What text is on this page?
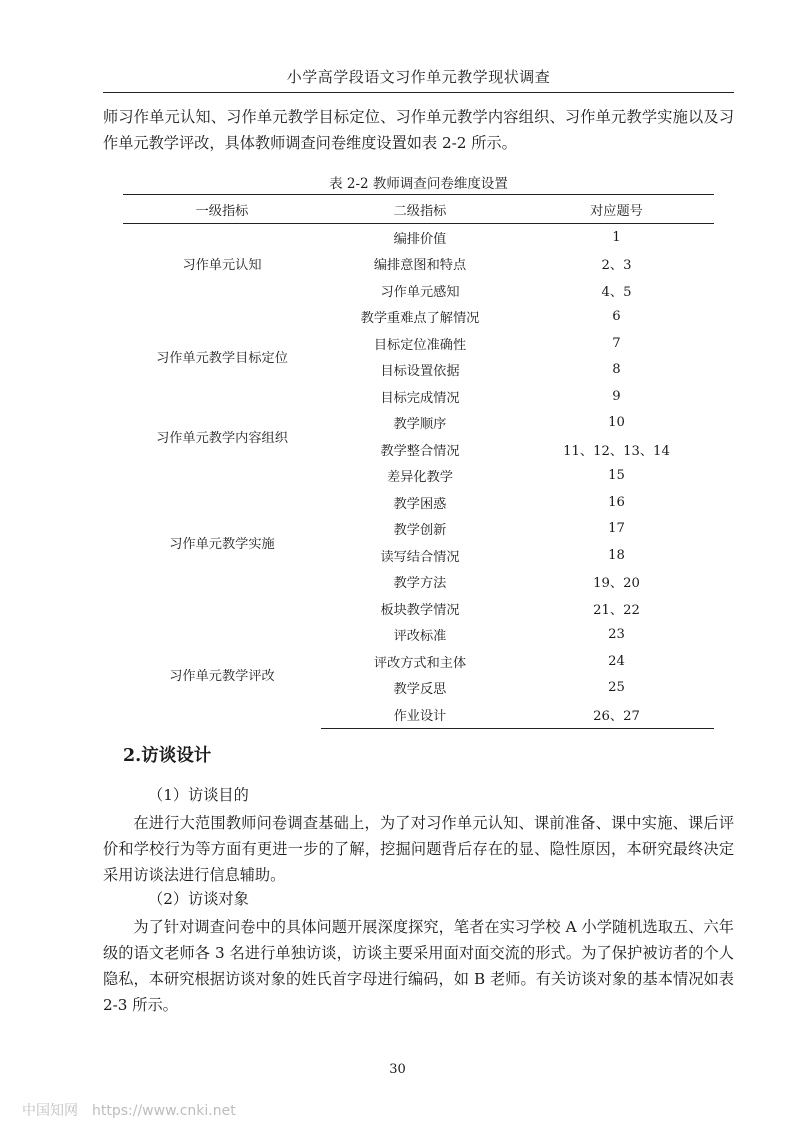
小学高学段语文习作单元教学现状调查

师习作单元认知、习作单元教学目标定位、习作单元教学内容组织、习作单元教学实施以及习作单元教学评改，具体教师调查问卷维度设置如表 2-2 所示。

表 2-2 教师调查问卷维度设置
一级指标	二级指标	对应题号
习作单元认知	编排价值	1
	编排意图和特点	2、3
	习作单元感知	4、5
习作单元教学目标定位	教学重难点了解情况	6
	目标定位准确性	7
	目标设置依据	8
	目标完成情况	9
习作单元教学内容组织	教学顺序	10
	教学整合情况	11、12、13、14
习作单元教学实施	差异化教学	15
	教学困惑	16
	教学创新	17
	读写结合情况	18
	教学方法	19、20
	板块教学情况	21、22
习作单元教学评改	评改标准	23
	评改方式和主体	24
	教学反思	25
	作业设计	26、27
2.访谈设计
（1）访谈目的

在进行大范围教师问卷调查基础上，为了对习作单元认知、课前准备、课中实施、课后评价和学校行为等方面有更进一步的了解，挖掘问题背后存在的显、隐性原因，本研究最终决定采用访谈法进行信息辅助。

（2）访谈对象

为了针对调查问卷中的具体问题开展深度探究，笔者在实习学校 A 小学随机选取五、六年级的语文老师各 3 名进行单独访谈，访谈主要采用面对面交流的形式。为了保护被访者的个人隐私，本研究根据访谈对象的姓氏首字母进行编码，如 B 老师。有关访谈对象的基本情况如表 2-3 所示。

30
中国知网 https://www.cnki.net
